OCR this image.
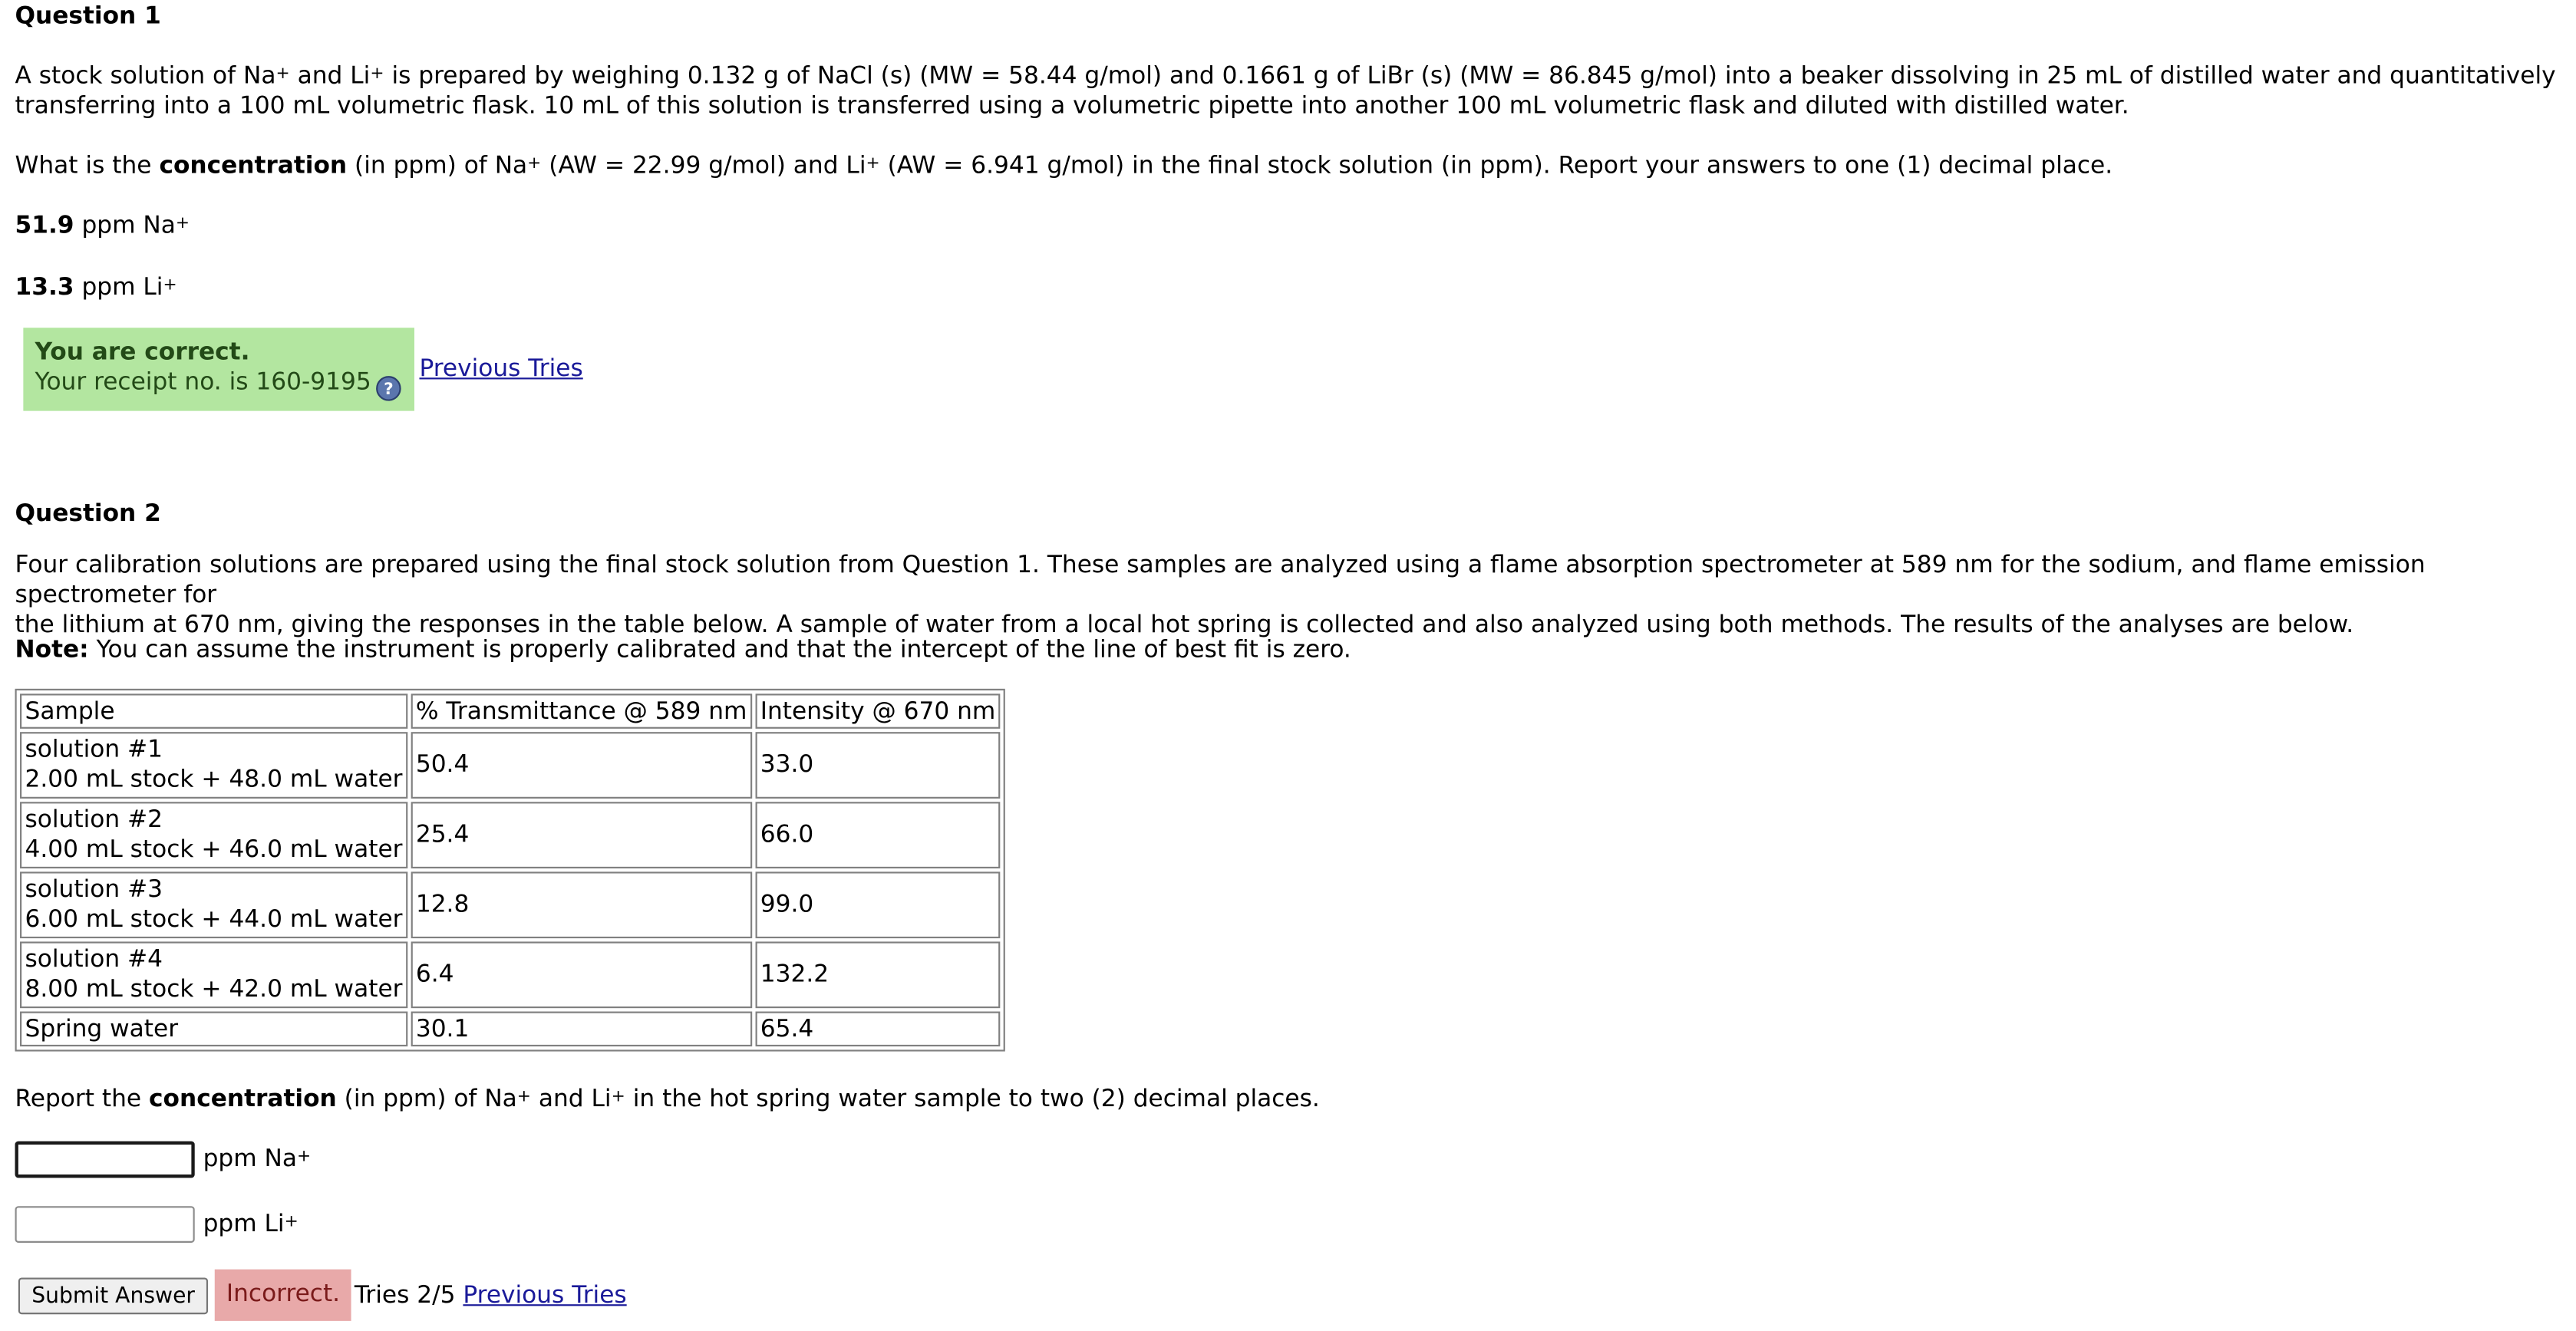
Question 1
A stock solution of Na+ and Li+ is prepared by weighing 0.132 g of NaCl (s) (MW = 58.44 g/mol) and 0.1661 g of LiBr (s) (MW = 86.845 g/mol) into a beaker dissolving in 25 mL of distilled water and quantitatively
transferring into a 100 mL volumetric flask. 10 mL of this solution is transferred using a volumetric pipette into another 100 mL volumetric flask and diluted with distilled water.
What is the concentration (in ppm) of Na+ (AW = 22.99 g/mol) and Li+ (AW = 6.941 g/mol) in the final stock solution (in ppm). Report your answers to one (1) decimal place.
51.9 ppm Na+
13.3 ppm Li+
You are correct.
Your receipt no. is 160-9195 ?
Previous Tries
Question 2
Four calibration solutions are prepared using the final stock solution from Question 1. These samples are analyzed using a flame absorption spectrometer at 589 nm for the sodium, and flame emission spectrometer for
the lithium at 670 nm, giving the responses in the table below. A sample of water from a local hot spring is collected and also analyzed using both methods. The results of the analyses are below.
Note: You can assume the instrument is properly calibrated and that the intercept of the line of best fit is zero.
Sample	% Transmittance @ 589 nm	Intensity @ 670 nm
solution #1
2.00 mL stock + 48.0 mL water	50.4	33.0
solution #2
4.00 mL stock + 46.0 mL water	25.4	66.0
solution #3
6.00 mL stock + 44.0 mL water	12.8	99.0
solution #4
8.00 mL stock + 42.0 mL water	6.4	132.2
Spring water	30.1	65.4
Report the concentration (in ppm) of Na+ and Li+ in the hot spring water sample to two (2) decimal places.
ppm Na+
ppm Li+
Submit Answer	Incorrect.	Tries 2/5 Previous Tries
